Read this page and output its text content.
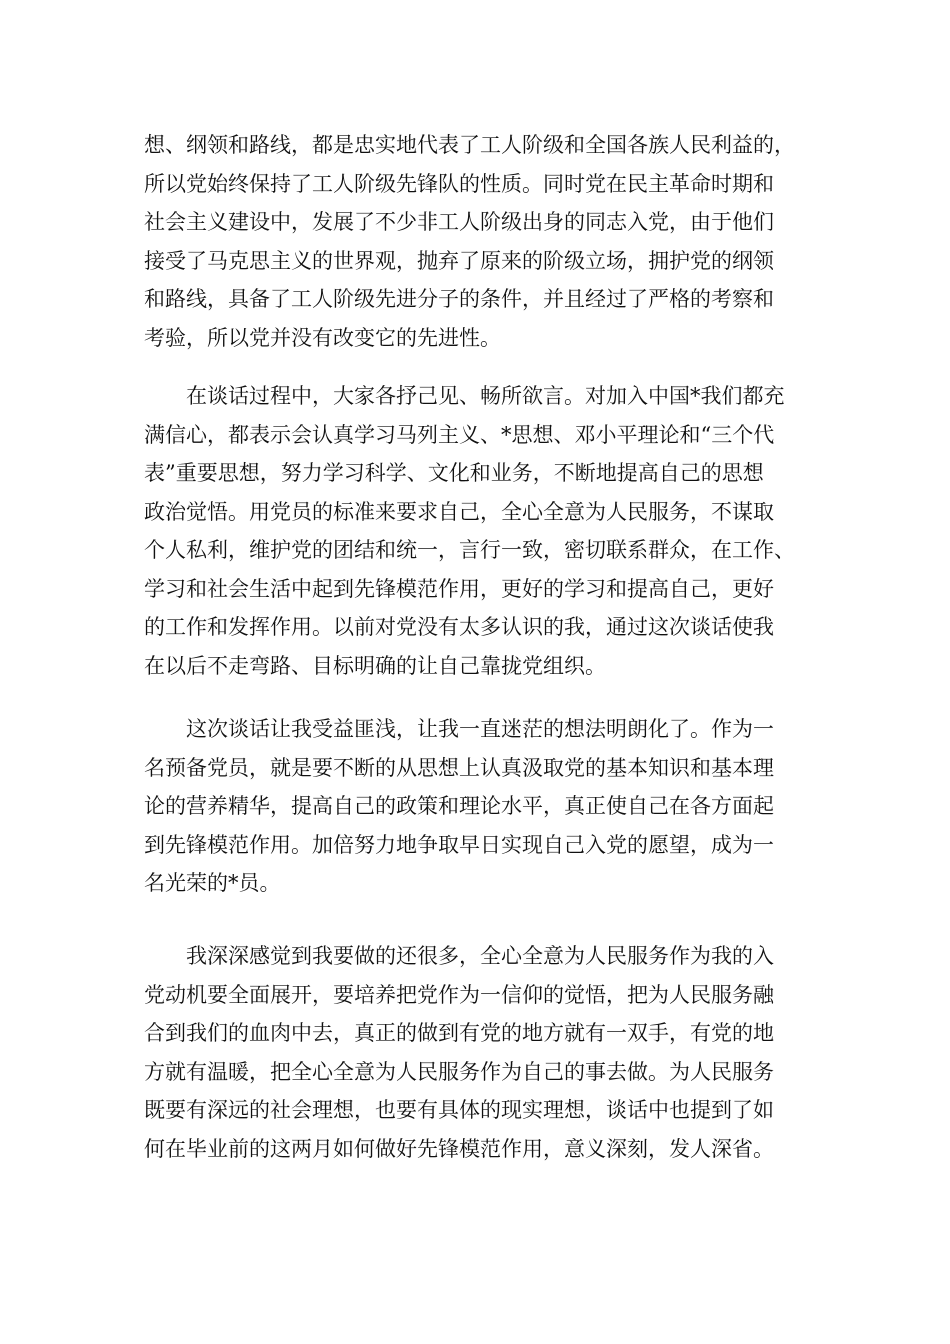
想、纲领和路线，都是忠实地代表了工人阶级和全国各族人民利益的，
所以党始终保持了工人阶级先锋队的性质。同时党在民主革命时期和
社会主义建设中，发展了不少非工人阶级出身的同志入党，由于他们
接受了马克思主义的世界观，抛弃了原来的阶级立场，拥护党的纲领
和路线，具备了工人阶级先进分子的条件，并且经过了严格的考察和
考验，所以党并没有改变它的先进性。
在谈话过程中，大家各抒己见、畅所欲言。对加入中国*我们都充
满信心，都表示会认真学习马列主义、*思想、邓小平理论和“三个代
表”重要思想，努力学习科学、文化和业务，不断地提高自己的思想
政治觉悟。用党员的标准来要求自己，全心全意为人民服务，不谋取
个人私利，维护党的团结和统一，言行一致，密切联系群众，在工作、
学习和社会生活中起到先锋模范作用，更好的学习和提高自己，更好
的工作和发挥作用。以前对党没有太多认识的我，通过这次谈话使我
在以后不走弯路、目标明确的让自己靠拢党组织。
这次谈话让我受益匪浅，让我一直迷茫的想法明朗化了。作为一
名预备党员，就是要不断的从思想上认真汲取党的基本知识和基本理
论的营养精华，提高自己的政策和理论水平，真正使自己在各方面起
到先锋模范作用。加倍努力地争取早日实现自己入党的愿望，成为一
名光荣的*员。
我深深感觉到我要做的还很多，全心全意为人民服务作为我的入
党动机要全面展开，要培养把党作为一信仰的觉悟，把为人民服务融
合到我们的血肉中去，真正的做到有党的地方就有一双手，有党的地
方就有温暖，把全心全意为人民服务作为自己的事去做。为人民服务
既要有深远的社会理想，也要有具体的现实理想，谈话中也提到了如
何在毕业前的这两月如何做好先锋模范作用，意义深刻，发人深省。
